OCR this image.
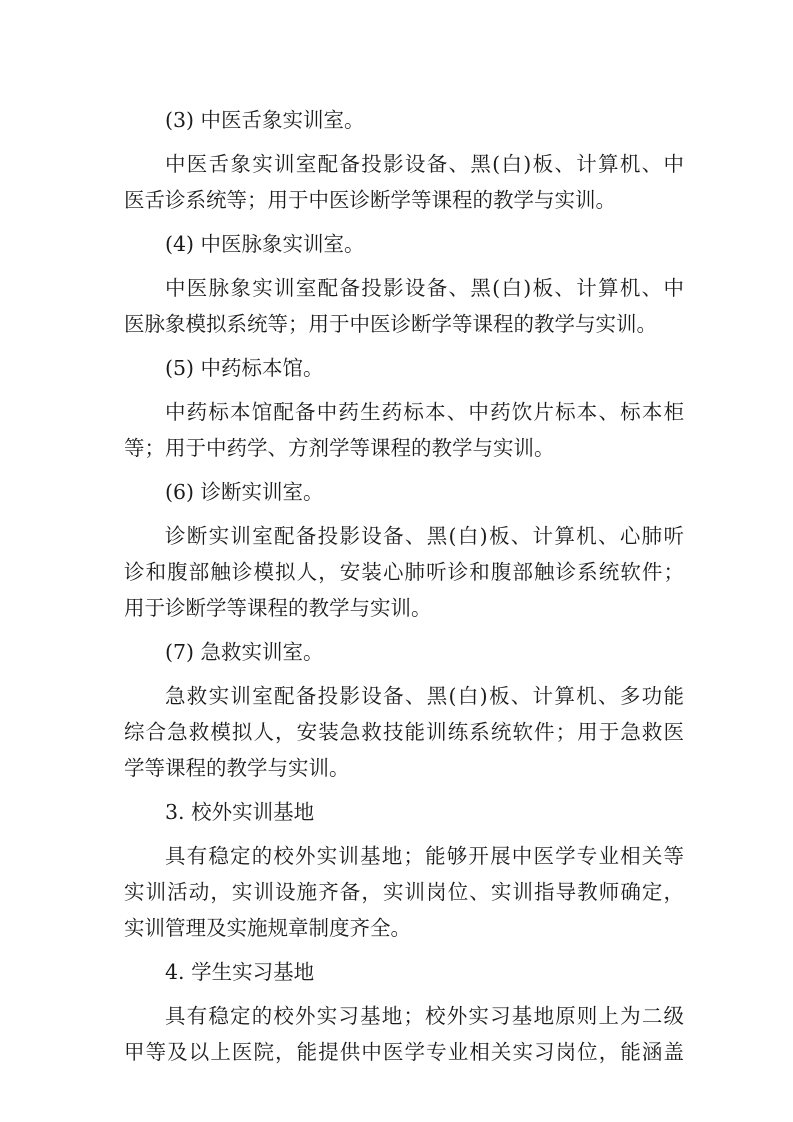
(3) 中医舌象实训室。
中医舌象实训室配备投影设备、黑(白)板、计算机、中
医舌诊系统等；用于中医诊断学等课程的教学与实训。
(4) 中医脉象实训室。
中医脉象实训室配备投影设备、黑(白)板、计算机、中
医脉象模拟系统等；用于中医诊断学等课程的教学与实训。
(5) 中药标本馆。
中药标本馆配备中药生药标本、中药饮片标本、标本柜
等；用于中药学、方剂学等课程的教学与实训。
(6) 诊断实训室。
诊断实训室配备投影设备、黑(白)板、计算机、心肺听
诊和腹部触诊模拟人，安装心肺听诊和腹部触诊系统软件；
用于诊断学等课程的教学与实训。
(7) 急救实训室。
急救实训室配备投影设备、黑(白)板、计算机、多功能
综合急救模拟人，安装急救技能训练系统软件；用于急救医
学等课程的教学与实训。
3. 校外实训基地
具有稳定的校外实训基地；能够开展中医学专业相关等
实训活动，实训设施齐备，实训岗位、实训指导教师确定，
实训管理及实施规章制度齐全。
4. 学生实习基地
具有稳定的校外实习基地；校外实习基地原则上为二级
甲等及以上医院，能提供中医学专业相关实习岗位，能涵盖
